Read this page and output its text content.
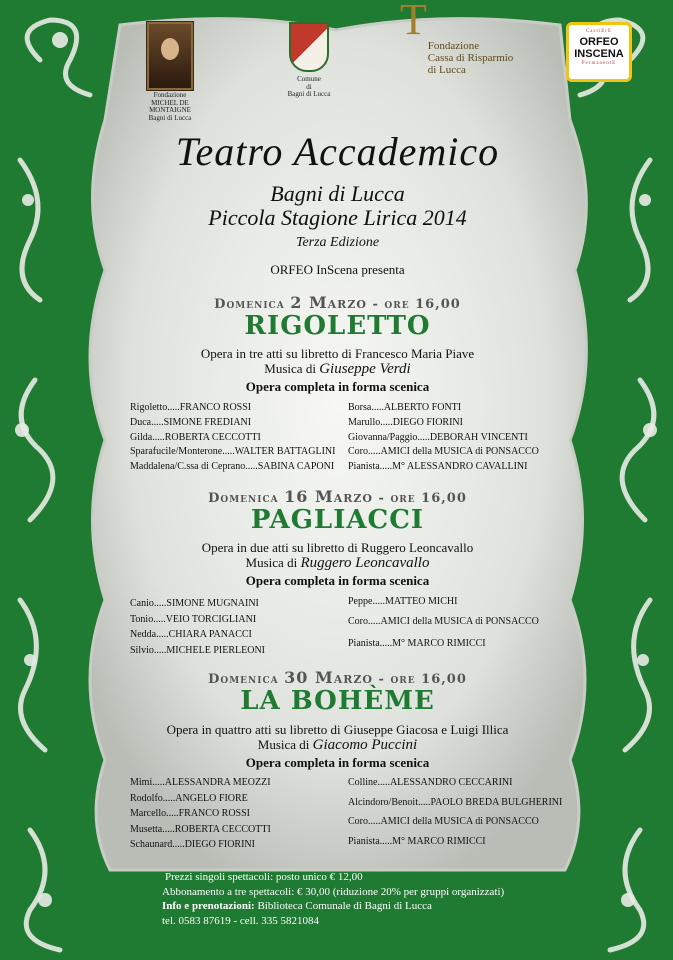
Fondazione
MICHEL DE
MONTAIGNE
Bagni di Lucca
Comune
di
Bagni di Lucca
T
Fondazione
Cassa di Risparmio
di Lucca
CastiErE
ORFEO
INSCENA
PermanentE
Teatro Accademico
Bagni di Lucca
Piccola Stagione Lirica 2014
Terza Edizione
ORFEO InScena presenta
Domenica 2 Marzo - ore 16,00
RIGOLETTO
Opera in tre atti su libretto di Francesco Maria Piave
Musica di Giuseppe Verdi
Opera completa in forma scenica
Rigoletto.....FRANCO ROSSI
Duca.....SIMONE FREDIANI
Gilda.....ROBERTA CECCOTTI
Sparafucile/Monterone.....WALTER BATTAGLINI
Maddalena/C.ssa di Ceprano.....SABINA CAPONI
Borsa.....ALBERTO FONTI
Marullo.....DIEGO FIORINI
Giovanna/Paggio.....DEBORAH VINCENTI
Coro.....AMICI della MUSICA di PONSACCO
Pianista.....M° ALESSANDRO CAVALLINI
Domenica 16 Marzo - ore 16,00
PAGLIACCI
Opera in due atti su libretto di Ruggero Leoncavallo
Musica di Ruggero Leoncavallo
Opera completa in forma scenica
Canio.....SIMONE MUGNAINI
Tonio.....VEIO TORCIGLIANI
Nedda.....CHIARA PANACCI
Silvio.....MICHELE PIERLEONI
Peppe.....MATTEO MICHI
Coro.....AMICI della MUSICA di PONSACCO
Pianista.....M° MARCO RIMICCI
Domenica 30 Marzo - ore 16,00
LA BOHÈME
Opera in quattro atti su libretto di Giuseppe Giacosa e Luigi Illica
Musica di Giacomo Puccini
Opera completa in forma scenica
Mimi.....ALESSANDRA MEOZZI
Rodolfo.....ANGELO FIORE
Marcello.....FRANCO ROSSI
Musetta.....ROBERTA CECCOTTI
Schaunard.....DIEGO FIORINI
Colline.....ALESSANDRO CECCARINI
Alcindoro/Benoit.....PAOLO BREDA BULGHERINI
Coro.....AMICI della MUSICA di PONSACCO
Pianista.....M° MARCO RIMICCI
Prezzi singoli spettacoli: posto unico € 12,00
Abbonamento a tre spettacoli: € 30,00 (riduzione 20% per gruppi organizzati)
Info e prenotazioni: Biblioteca Comunale di Bagni di Lucca
tel. 0583 87619 - cell. 335 5821084
